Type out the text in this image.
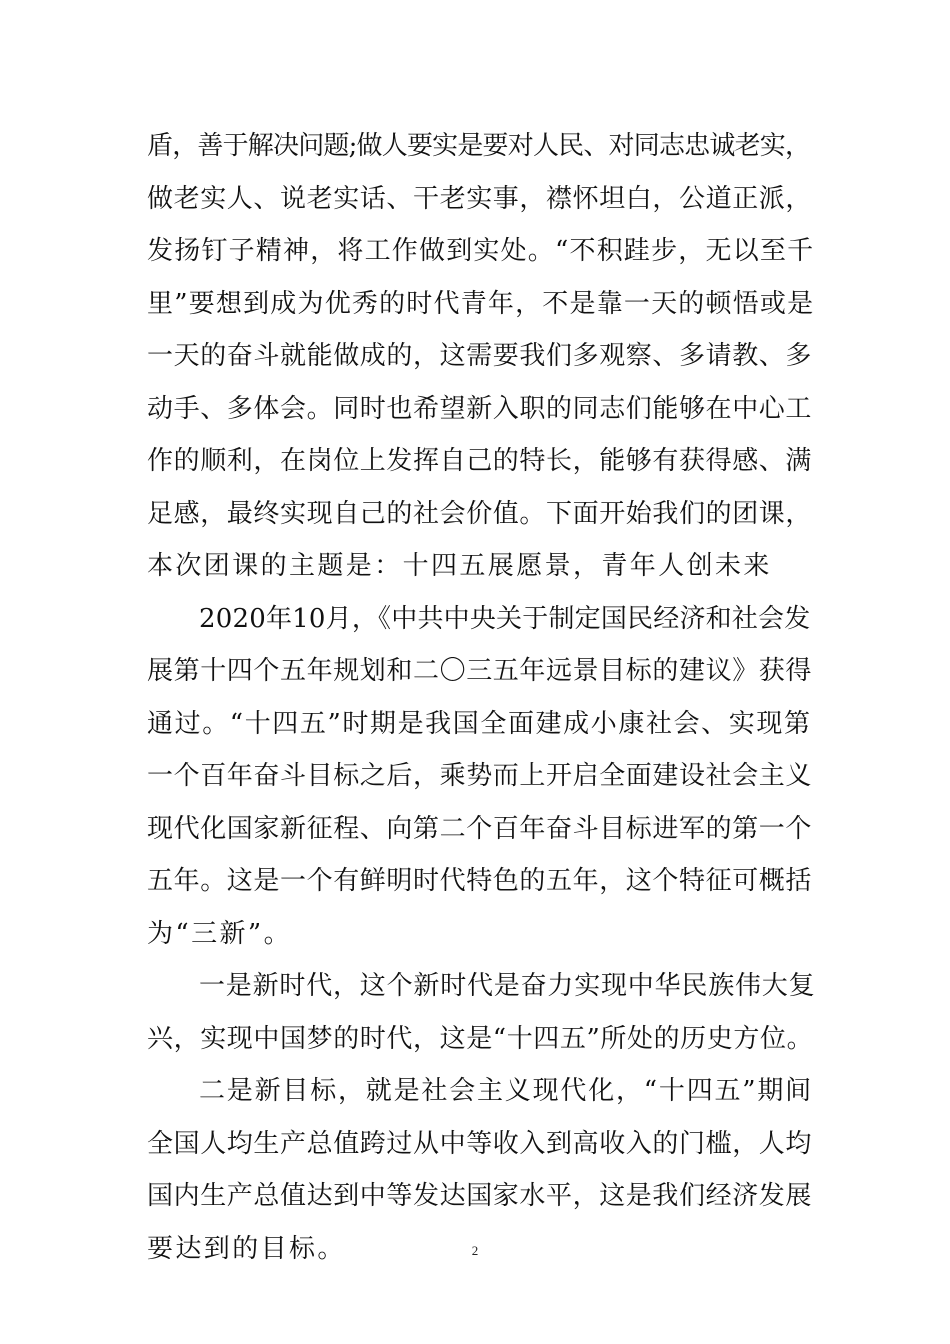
盾，善于解决问题;做人要实是要对人民、对同志忠诚老实，
做老实人、说老实话、干老实事，襟怀坦白，公道正派，
发扬钉子精神，将工作做到实处。“不积跬步，无以至千
里”要想到成为优秀的时代青年，不是靠一天的顿悟或是
一天的奋斗就能做成的，这需要我们多观察、多请教、多
动手、多体会。同时也希望新入职的同志们能够在中心工
作的顺利，在岗位上发挥自己的特长，能够有获得感、满
足感，最终实现自己的社会价值。下面开始我们的团课，
本次团课的主题是：十四五展愿景，青年人创未来
2020年10月，《中共中央关于制定国民经济和社会发
展第十四个五年规划和二〇三五年远景目标的建议》获得
通过。“十四五”时期是我国全面建成小康社会、实现第
一个百年奋斗目标之后，乘势而上开启全面建设社会主义
现代化国家新征程、向第二个百年奋斗目标进军的第一个
五年。这是一个有鲜明时代特色的五年，这个特征可概括
为“三新”。
一是新时代，这个新时代是奋力实现中华民族伟大复
兴，实现中国梦的时代，这是“十四五”所处的历史方位。
二是新目标，就是社会主义现代化，“十四五”期间
全国人均生产总值跨过从中等收入到高收入的门槛，人均
国内生产总值达到中等发达国家水平，这是我们经济发展
要达到的目标。	2
